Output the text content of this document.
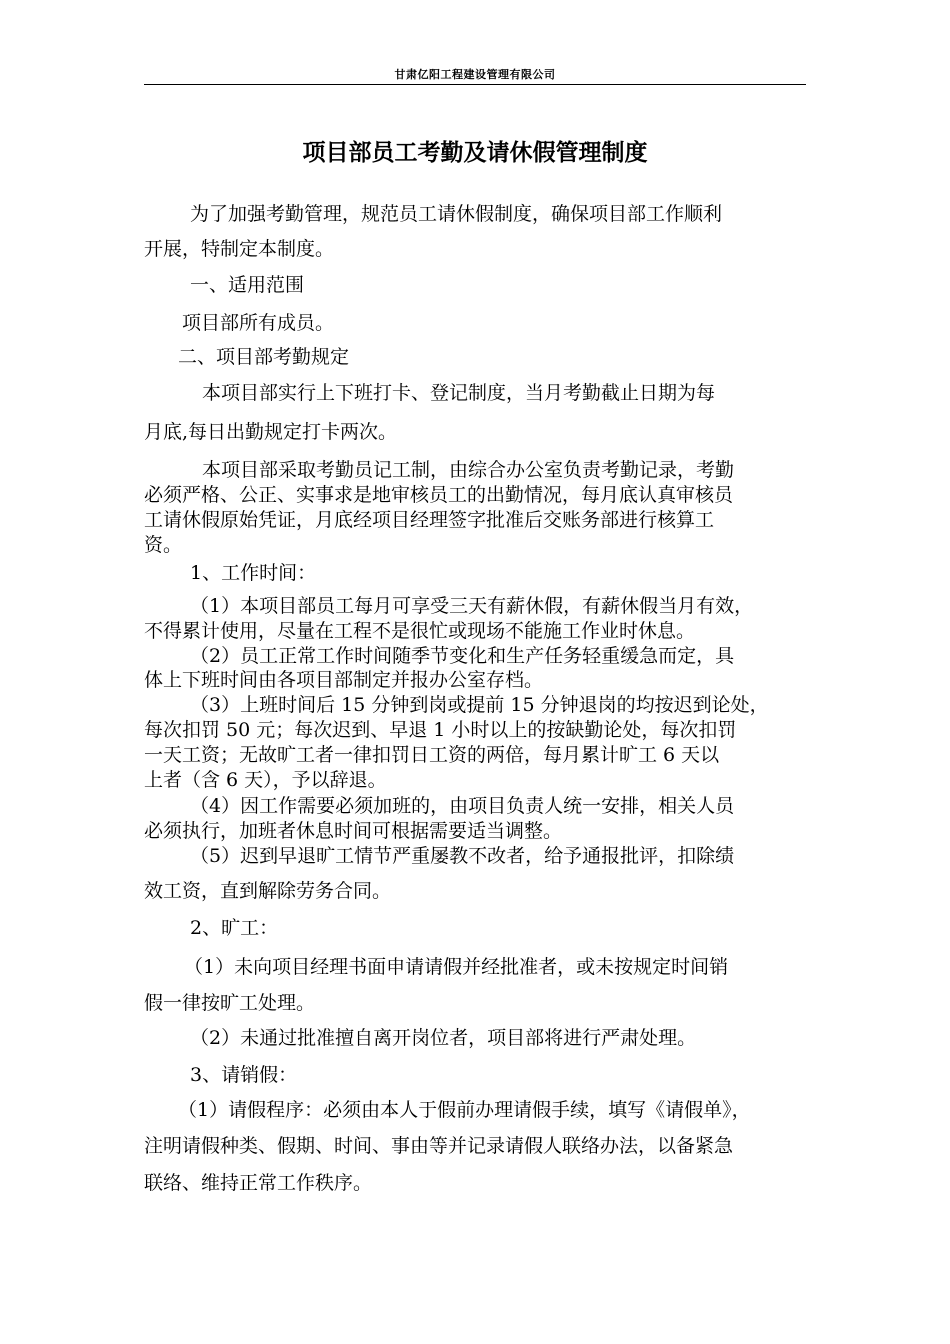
甘肃亿阳工程建设管理有限公司
项目部员工考勤及请休假管理制度
为了加强考勤管理，规范员工请休假制度，确保项目部工作顺利
开展，特制定本制度。
一、适用范围
项目部所有成员。
二、项目部考勤规定
本项目部实行上下班打卡、登记制度，当月考勤截止日期为每
月底,每日出勤规定打卡两次。
本项目部采取考勤员记工制，由综合办公室负责考勤记录，考勤
必须严格、公正、实事求是地审核员工的出勤情况，每月底认真审核员
工请休假原始凭证，月底经项目经理签字批准后交账务部进行核算工
资。
1、工作时间：
（1）本项目部员工每月可享受三天有薪休假，有薪休假当月有效，
不得累计使用，尽量在工程不是很忙或现场不能施工作业时休息。
（2）员工正常工作时间随季节变化和生产任务轻重缓急而定，具
体上下班时间由各项目部制定并报办公室存档。
（3）上班时间后 15 分钟到岗或提前 15 分钟退岗的均按迟到论处，
每次扣罚 50 元；每次迟到、早退 1 小时以上的按缺勤论处，每次扣罚
一天工资；无故旷工者一律扣罚日工资的两倍，每月累计旷工 6 天以
上者（含 6 天），予以辞退。
（4）因工作需要必须加班的，由项目负责人统一安排，相关人员
必须执行，加班者休息时间可根据需要适当调整。
（5）迟到早退旷工情节严重屡教不改者，给予通报批评，扣除绩
效工资，直到解除劳务合同。
2、旷工：
（1）未向项目经理书面申请请假并经批准者，或未按规定时间销
假一律按旷工处理。
（2）未通过批准擅自离开岗位者，项目部将进行严肃处理。
3、请销假：
（1）请假程序：必须由本人于假前办理请假手续，填写《请假单》，
注明请假种类、假期、时间、事由等并记录请假人联络办法，以备紧急
联络、维持正常工作秩序。
